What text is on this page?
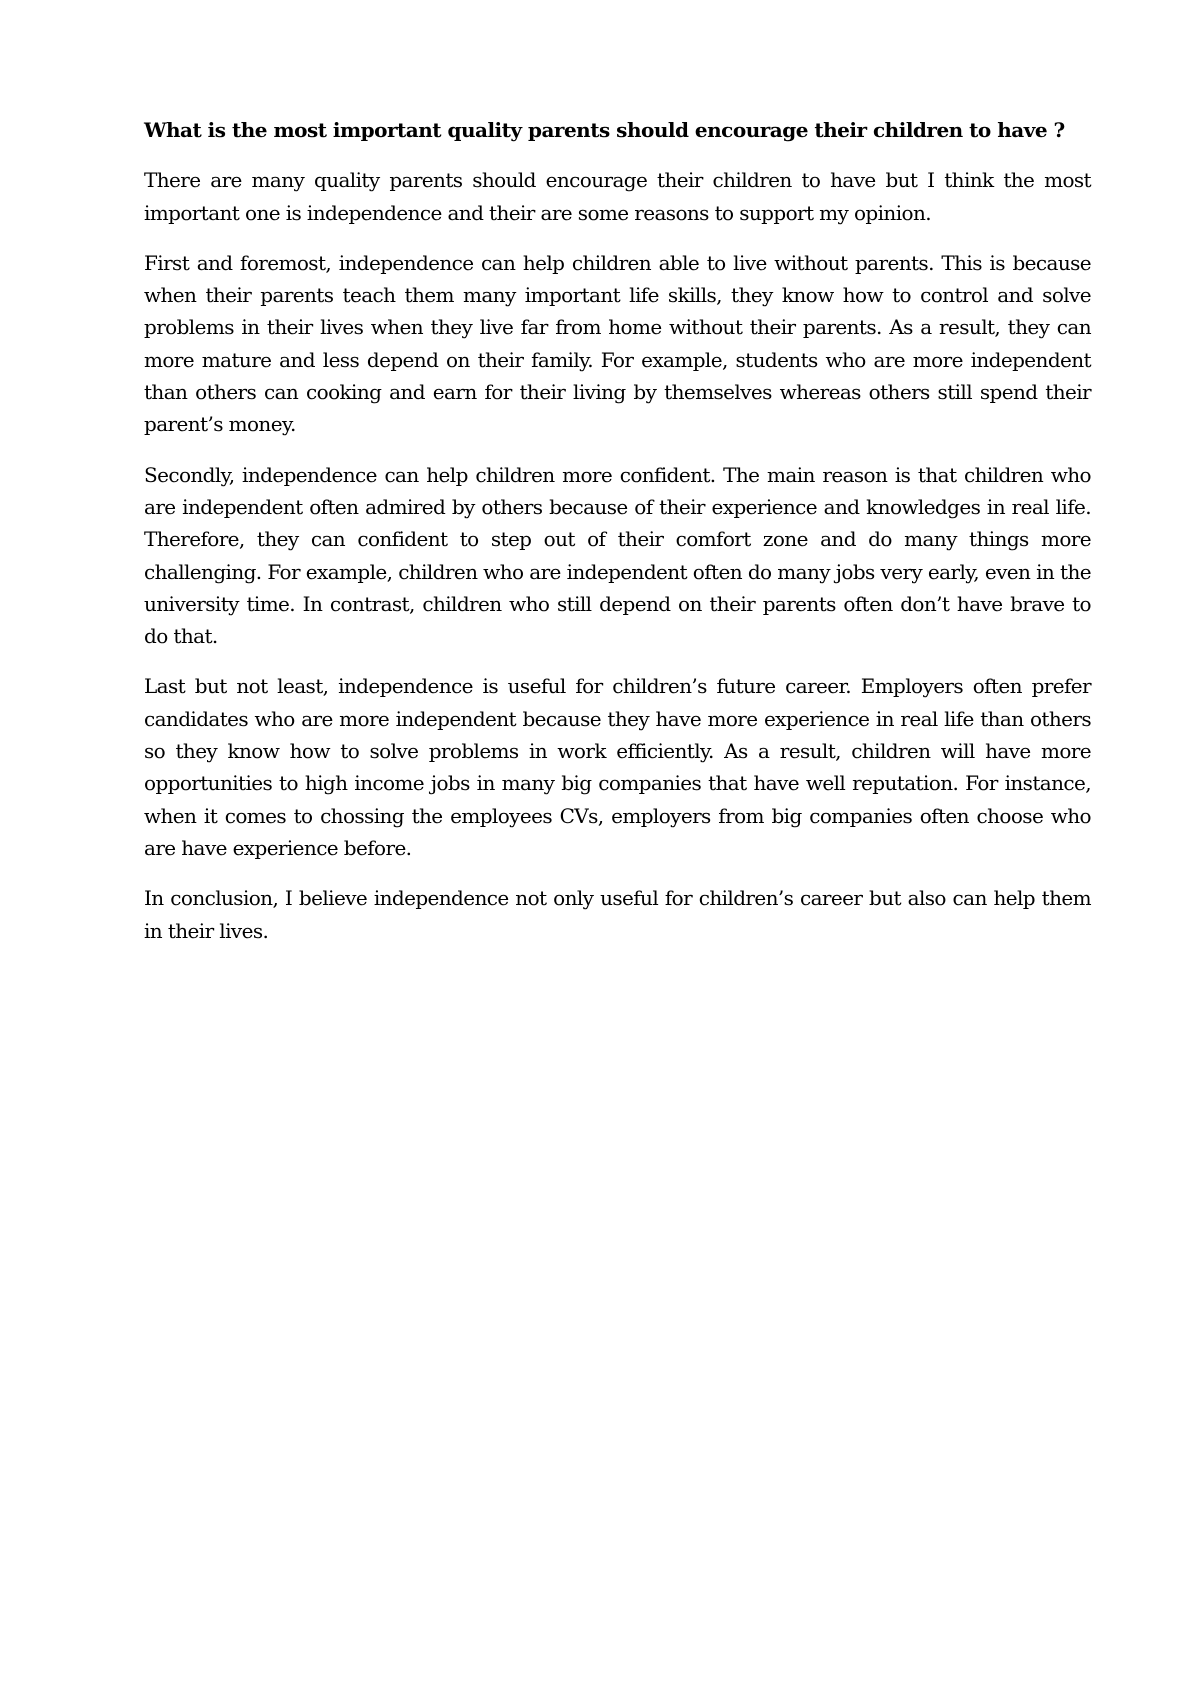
What is the most important quality parents should encourage their children to have ?

There are many quality parents should encourage their children to have but I think the most important one is independence and their are some reasons to support my opinion.

First and foremost, independence can help children able to live without parents. This is because when their parents teach them many important life skills, they know how to control and solve problems in their lives when they live far from home without their parents. As a result, they can more mature and less depend on their family. For example, students who are more independent than others can cooking and earn for their living by themselves whereas others still spend their parent’s money.

Secondly, independence can help children more confident. The main reason is that children who are independent often admired by others because of their experience and knowledges in real life. Therefore, they can confident to step out of their comfort zone and do many things more challenging. For example, children who are independent often do many jobs very early, even in the university time. In contrast, children who still depend on their parents often don’t have brave to do that.

Last but not least, independence is useful for children’s future career. Employers often prefer candidates who are more independent because they have more experience in real life than others so they know how to solve problems in work efficiently. As a result, children will have more opportunities to high income jobs in many big companies that have well reputation. For instance, when it comes to chossing the employees CVs, employers from big companies often choose who are have experience before.

In conclusion, I believe independence not only useful for children’s career but also can help them in their lives.
